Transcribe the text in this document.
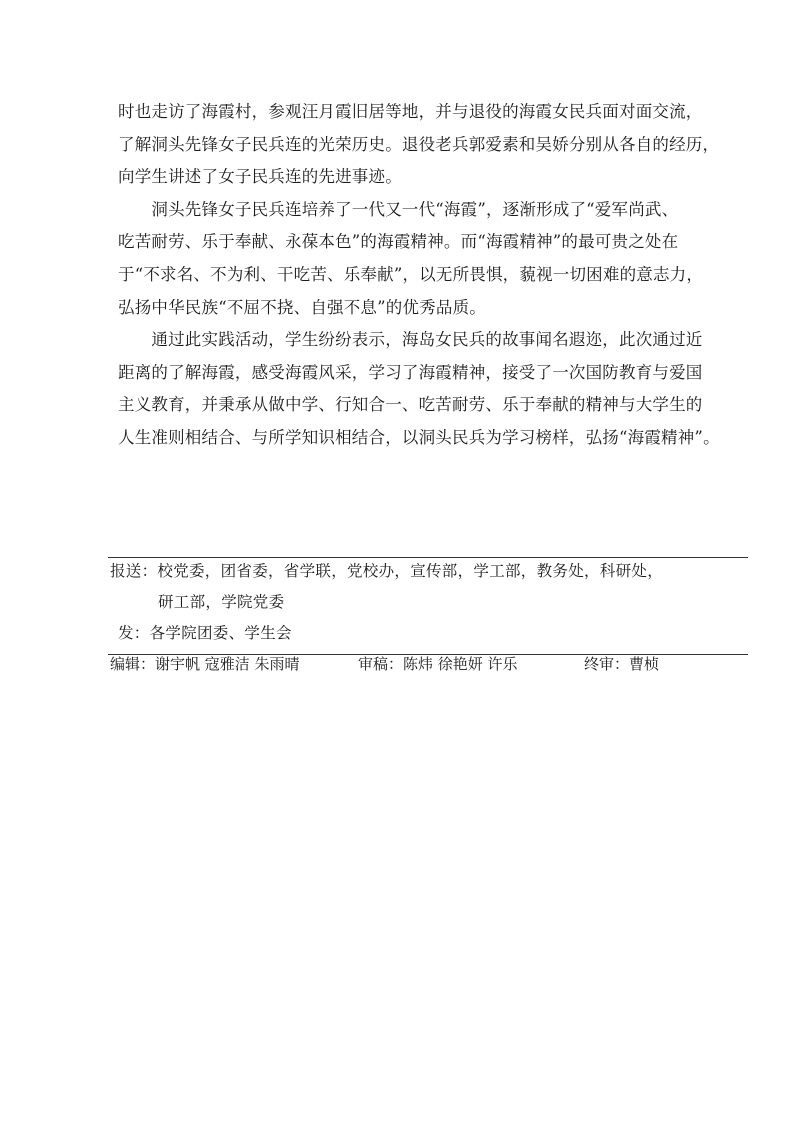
时也走访了海霞村，参观汪月霞旧居等地，并与退役的海霞女民兵面对面交流，
了解洞头先锋女子民兵连的光荣历史。退役老兵郭爱素和吴娇分别从各自的经历，
向学生讲述了女子民兵连的先进事迹。
　　洞头先锋女子民兵连培养了一代又一代“海霞”，逐渐形成了“爱军尚武、
吃苦耐劳、乐于奉献、永葆本色”的海霞精神。而“海霞精神”的最可贵之处在
于“不求名、不为利、干吃苦、乐奉献”，以无所畏惧，藐视一切困难的意志力，
弘扬中华民族“不屈不挠、自强不息”的优秀品质。
　　通过此实践活动，学生纷纷表示，海岛女民兵的故事闻名遐迩，此次通过近
距离的了解海霞，感受海霞风采，学习了海霞精神，接受了一次国防教育与爱国
主义教育，并秉承从做中学、行知合一、吃苦耐劳、乐于奉献的精神与大学生的
人生准则相结合、与所学知识相结合，以洞头民兵为学习榜样，弘扬“海霞精神”。
报送：校党委，团省委，省学联，党校办，宣传部，学工部，教务处，科研处，
研工部，学院党委
发：各学院团委、学生会
编辑：谢宇帆 寇雅洁 朱雨晴	审稿：陈炜 徐艳妍 许乐	终审：曹桢
